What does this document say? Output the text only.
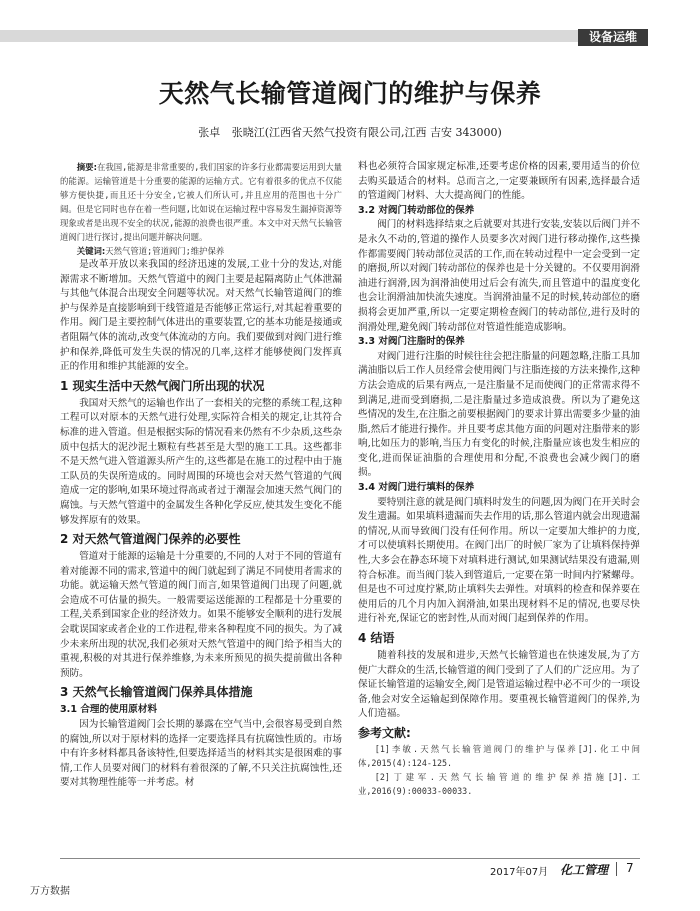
设备运维
天然气长输管道阀门的维护与保养
张卓 张晓江(江西省天然气投资有限公司,江西 吉安 343000)

摘要:在我国,能源是非常重要的,我们国家的许多行业都需要运用到大量的能源。运输管道是十分重要的能源的运输方式。它有着很多的优点不仅能够方便快捷,而且还十分安全,它被人们所认可,并且应用的范围也十分广阔。但是它同时也存在着一些问题,比如说在运输过程中容易发生漏掉资源等现象或者是出现不安全的状况,能源的浪费也很严重。本文中对天然气长输管道阀门进行探讨,提出问题并解决问题。

关键词:天然气管道;管道阀门;维护保养

是改革开放以来我国的经济迅速的发展,工业十分的发达,对能源需求不断增加。天然气管道中的阀门主要是起隔离防止气体泄漏与其他气体混合出现安全问题等状况。对天然气长输管道阀门的维护与保养是直接影响到干线管道是否能够正常运行,对其起着重要的作用。阀门是主要控制气体进出的重要装置,它的基本功能是接通或者阻隔气体的流动,改变气体流动的方向。我们要做到对阀门进行维护和保养,降低可发生失误的情况的几率,这样才能够使阀门发挥真正的作用和维护其能源的安全。

1 现实生活中天然气阀门所出现的状况

我国对天然气的运输也作出了一套相关的完整的系统工程,这种工程可以对原本的天然气进行处理,实际符合相关的规定,让其符合标准的进入管道。但是根据实际的情况看来仍然有不少杂质,这些杂质中包括大的泥沙泥土颗粒有些甚至是大型的施工工具。这些都非不是天然气进入管道源头所产生的,这些都是在施工的过程中由于施工队员的失误所造成的。同时周围的环境也会对天然气管道的气阀造成一定的影响,如果环境过得高或者过于潮湿会加速天然气阀门的腐蚀。与天然气管道中的金属发生各种化学反应,使其发生变化不能够发挥原有的效果。

2 对天然气管道阀门保养的必要性

管道对于能源的运输是十分重要的,不同的人对于不同的管道有着对能源不同的需求,管道中的阀门就起到了满足不同使用者需求的功能。就运输天然气管道的阀门而言,如果管道阀门出现了问题,就会造成不可估量的损失。一般需要运送能源的工程都是十分重要的工程,关系到国家企业的经济效力。如果不能够安全顺利的进行发展会耽误国家或者企业的工作进程,带来各种程度不同的损失。为了减少未来所出现的状况,我们必须对天然气管道中的阀门给予相当大的重视,积极的对其进行保养维修,为未来所预见的损失提前做出各种预防。

3 天然气长输管道阀门保养具体措施
3.1 合理的使用原材料

因为长输管道阀门会长期的暴露在空气当中,会很容易受到自然的腐蚀,所以对于原材料的选择一定要选择具有抗腐蚀性质的。市场中有许多材料都具备该特性,但要选择适当的材料其实是很困难的事情,工作人员要对阀门的材料有着很深的了解,不只关注抗腐蚀性,还要对其物理性能等一并考虑。材

料也必须符合国家规定标准,还要考虑价格的因素,要用适当的价位去购买最适合的材料。总而言之,一定要兼顾所有因素,选择最合适的管道阀门材料、大大提高阀门的性能。

3.2 对阀门转动部位的保养

阀门的材料选择结束之后就要对其进行安装,安装以后阀门并不是永久不动的,管道的操作人员要多次对阀门进行移动操作,这些操作都需要阀门转动部位灵活的工作,而在转动过程中一定会受到一定的磨损,所以对阀门转动部位的保养也是十分关键的。不仅要用润滑油进行润滑,因为润滑油使用过后会有流失,而且管道中的温度变化也会让润滑油加快流失速度。当润滑油量不足的时候,转动部位的磨损将会更加严重,所以一定要定期检查阀门的转动部位,进行及时的润滑处理,避免阀门转动部位对管道性能造成影响。

3.3 对阀门注脂时的保养

对阀门进行注脂的时候往往会把注脂量的问题忽略,注脂工具加满油脂以后工作人员经常会使用阀门与注脂连接的方法来操作,这种方法会造成的后果有两点,一是注脂量不足而使阀门的正常需求得不到满足,进而受到磨损,二是注脂量过多造成浪费。所以为了避免这些情况的发生,在注脂之前要根据阀门的要求计算出需要多少量的油脂,然后才能进行操作。并且要考虑其他方面的问题对注脂带来的影响,比如压力的影响,当压力有变化的时候,注脂量应该也发生相应的变化,进而保证油脂的合理使用和分配,不浪费也会减少阀门的磨损。

3.4 对阀门进行填料的保养

要特别注意的就是阀门填料时发生的问题,因为阀门在开关时会发生遗漏。如果填料遗漏而失去作用的话,那么管道内就会出现遗漏的情况,从而导致阀门没有任何作用。所以一定要加大维护的力度,才可以使填料长期使用。在阀门出厂的时候厂家为了让填料保持弹性,大多会在静态环境下对填料进行测试,如果测试结果没有遗漏,则符合标准。而当阀门装入到管道后,一定要在第一时间内拧紧螺母。但是也不可过度拧紧,防止填料失去弹性。对填料的检查和保养要在使用后的几个月内加入润滑油,如果出现材料不足的情况,也要尽快进行补充,保证它的密封性,从而对阀门起到保养的作用。

4 结语

随着科技的发展和进步,天然气长输管道也在快速发展,为了方便广大群众的生活,长输管道的阀门受到了了人们的广泛应用。为了保证长输管道的运输安全,阀门是管道运输过程中必不可少的一项设备,他会对安全运输起到保障作用。要重视长输管道阀门的保养,为人们造福。

参考文献:

[1]李敏.天然气长输管道阀门的维护与保养[J].化工中间体,2015(4):124-125.

[2]丁建军.天然气长输管道的维护保养措施[J].工业,2016(9):00033-00033.

2017年07月 化工管理 7
万方数据
